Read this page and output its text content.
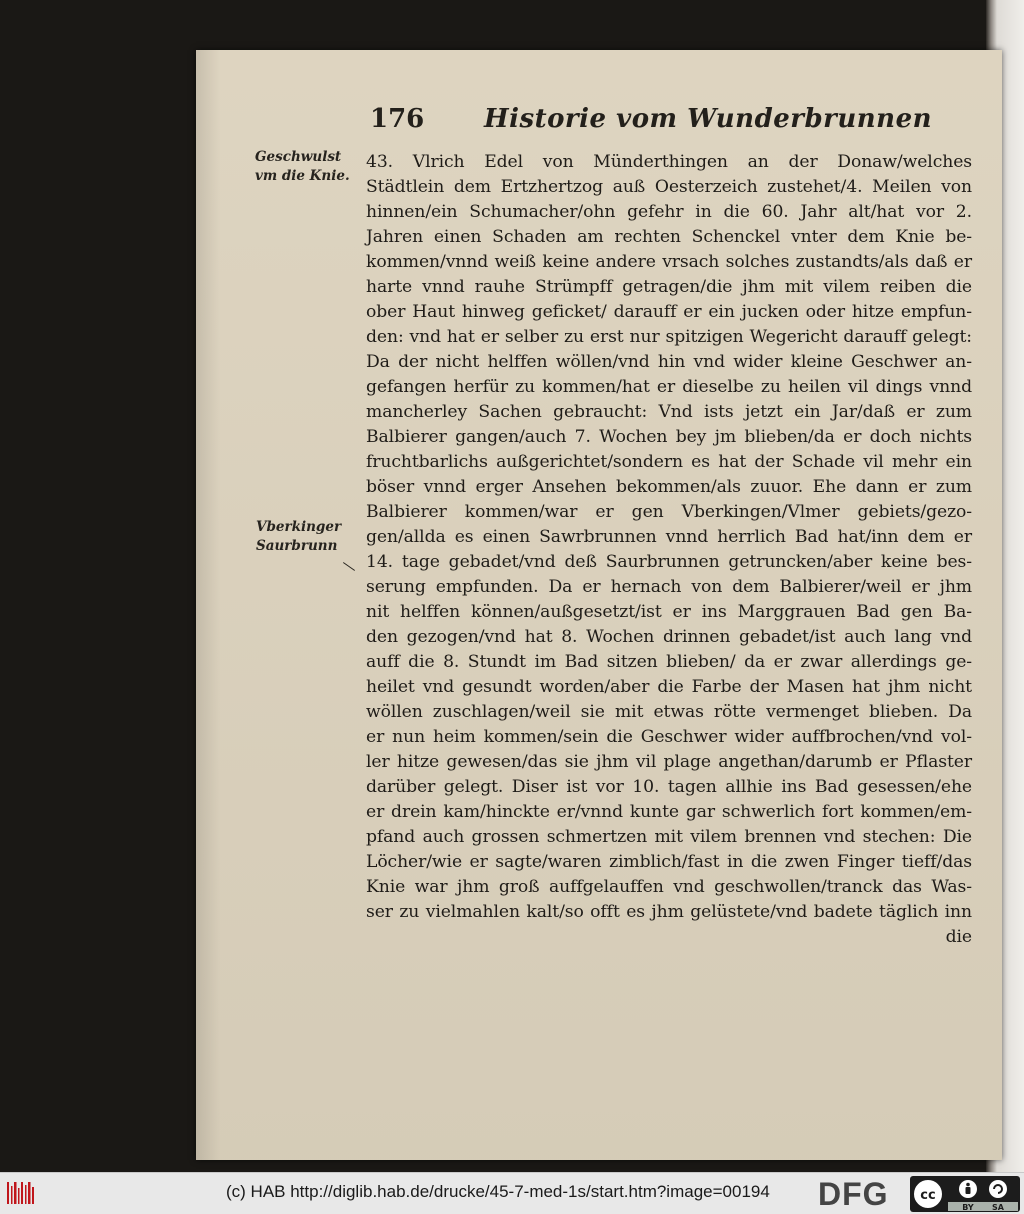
176 Historie vom Wunderbrunnen
Geschwulst
vm die Knie.
Vberkinger
Saurbrunn
43. Vlrich Edel von Münderthingen an der Donaw/welches
Städtlein dem Ertzhertzog auß Oesterzeich zustehet/4. Meilen von
hinnen/ein Schumacher/ohn gefehr in die 60. Jahr alt/hat vor 2.
Jahren einen Schaden am rechten Schenckel vnter dem Knie be-
kommen/vnnd weiß keine andere vrsach solches zustandts/als daß er
harte vnnd rauhe Strümpff getragen/die jhm mit vilem reiben die
ober Haut hinweg geficket/ darauff er ein jucken oder hitze empfun-
den: vnd hat er selber zu erst nur spitzigen Wegericht darauff gelegt:
Da der nicht helffen wöllen/vnd hin vnd wider kleine Geschwer an-
gefangen herfür zu kommen/hat er dieselbe zu heilen vil dings vnnd
mancherley Sachen gebraucht: Vnd ists jetzt ein Jar/daß er zum
Balbierer gangen/auch 7. Wochen bey jm blieben/da er doch nichts
fruchtbarlichs außgerichtet/sondern es hat der Schade vil mehr ein
böser vnnd erger Ansehen bekommen/als zuuor. Ehe dann er zum
Balbierer kommen/war er gen Vberkingen/Vlmer gebiets/gezo-
gen/allda es einen Sawrbrunnen vnnd herrlich Bad hat/inn dem er
14. tage gebadet/vnd deß Saurbrunnen getruncken/aber keine bes-
serung empfunden. Da er hernach von dem Balbierer/weil er jhm
nit helffen können/außgesetzt/ist er ins Marggrauen Bad gen Ba-
den gezogen/vnd hat 8. Wochen drinnen gebadet/ist auch lang vnd
auff die 8. Stundt im Bad sitzen blieben/ da er zwar allerdings ge-
heilet vnd gesundt worden/aber die Farbe der Masen hat jhm nicht
wöllen zuschlagen/weil sie mit etwas rötte vermenget blieben. Da
er nun heim kommen/sein die Geschwer wider auffbrochen/vnd vol-
ler hitze gewesen/das sie jhm vil plage angethan/darumb er Pflaster
darüber gelegt. Diser ist vor 10. tagen allhie ins Bad gesessen/ehe
er drein kam/hinckte er/vnnd kunte gar schwerlich fort kommen/em-
pfand auch grossen schmertzen mit vilem brennen vnd stechen: Die
Löcher/wie er sagte/waren zimblich/fast in die zwen Finger tieff/das
Knie war jhm groß auffgelauffen vnd geschwollen/tranck das Was-
ser zu vielmahlen kalt/so offt es jhm gelüstete/vnd badete täglich inn
die
(c) HAB http://diglib.hab.de/drucke/45-7-med-1s/start.htm?image=00194 DFG cc
BY SA
